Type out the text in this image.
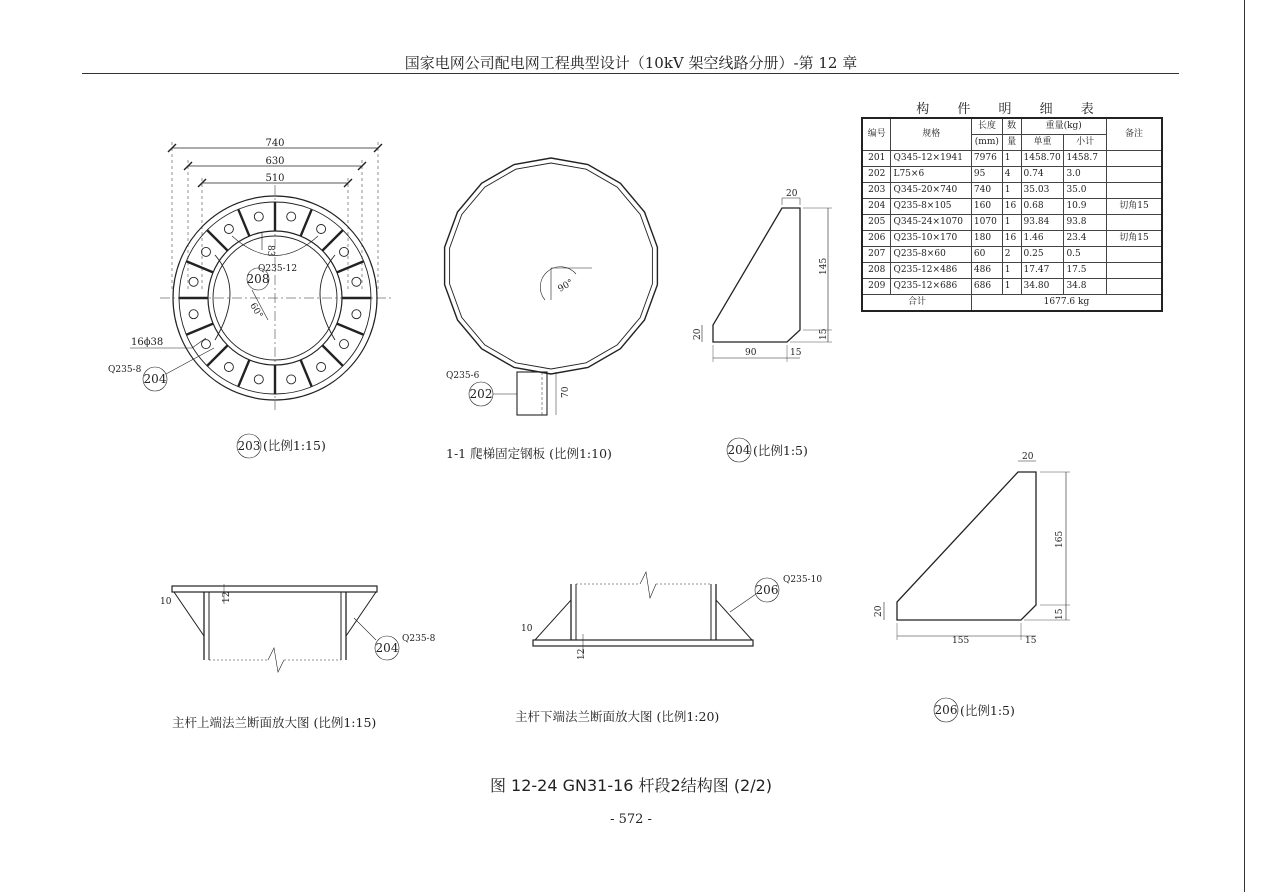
国家电网公司配电网工程典型设计（10kV 架空线路分册）-第 12 章
构 件 明 细 表
编号	规格	长度	数	重量(kg)		备注
		(mm)	量	单重	小计	
201	Q345-12×1941	7976	1	1458.70	1458.7	
202	L75×6	95	4	0.74	3.0	
203	Q345-20×740	740	1	35.03	35.0	
204	Q235-8×105	160	16	0.68	10.9	切角15
205	Q345-24×1070	1070	1	93.84	93.8	
206	Q235-10×170	180	16	1.46	23.4	切角15
207	Q235-8×60	60	2	0.25	0.5	
208	Q235-12×486	486	1	17.47	17.5	
209	Q235-12×686	686	1	34.80	34.8	
合计		1677.6 kg				
740
630
510
83
60°
Q235-12
208
16ϕ38
Q235-8
204
203 (比例1:15)
90°
70
Q235-6
202
1-1 爬梯固定钢板 (比例1:10)
20
145
15
20
90	15
204 (比例1:5)	20
165
15
20
155	15
206 (比例1:5)
10	12
Q235-8
204
主杆上端法兰断面放大图 (比例1:15)
10
12
206
Q235-10
主杆下端法兰断面放大图 (比例1:20)
图 12-24 GN31-16 杆段2结构图 (2/2)
- 572 -
